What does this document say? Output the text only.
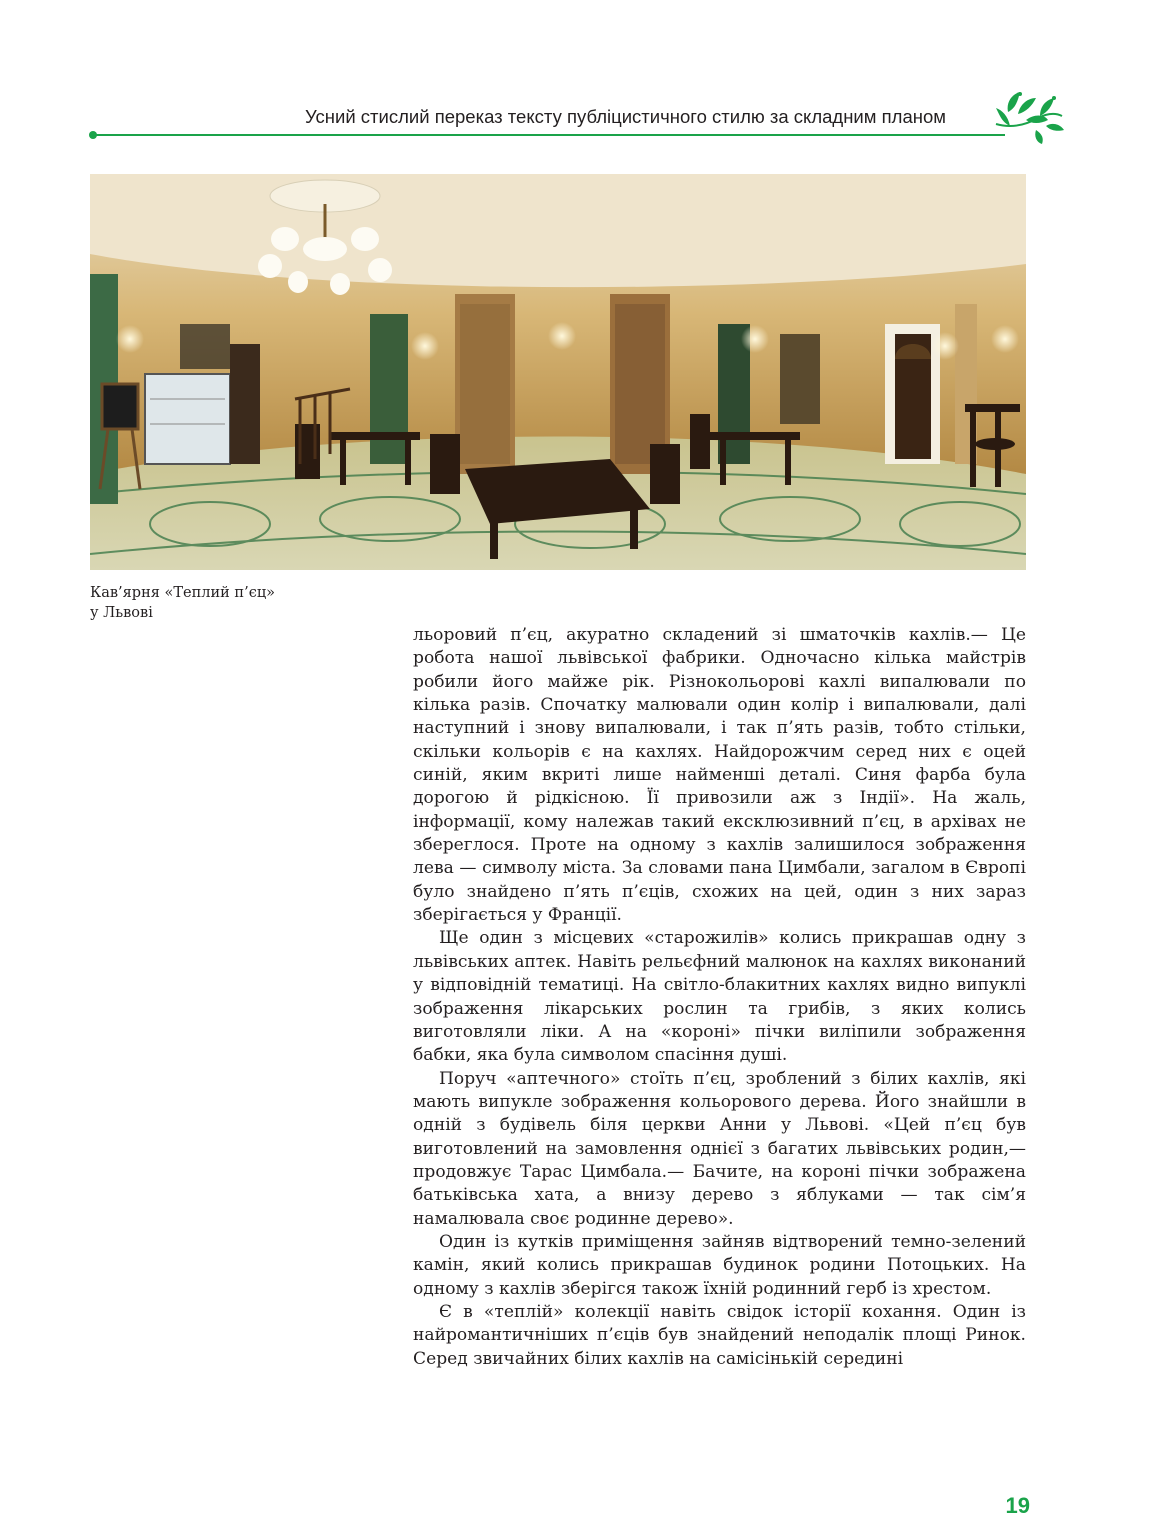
Усний стислий переказ тексту публіцистичного стилю за складним планом
Кав’ярня «Теплий п’єц»
у Львові

льоровий п’єц, акуратно складений зі шматочків кахлів.— Це робота нашої львівської фабрики. Одночасно кілька майстрів робили його майже рік. Різнокольорові кахлі випалювали по кілька разів. Спочатку малювали один колір і випалювали, далі наступний і знову випалювали, і так п’ять разів, тобто стільки, скільки кольорів є на кахлях. Найдорожчим серед них є оцей синій, яким вкриті лише найменші деталі. Синя фарба була дорогою й рідкісною. Її привозили аж з Індії». На жаль, інформації, кому належав такий ексклюзивний п’єц, в архівах не збереглося. Проте на одному з кахлів залишилося зображення лева — символу міста. За словами пана Цимбали, загалом в Європі було знайдено п’ять п’єців, схожих на цей, один з них зараз зберігається у Франції.

Ще один з місцевих «старожилів» колись прикрашав одну з львівських аптек. Навіть рельєфний малюнок на кахлях виконаний у відповідній тематиці. На світло-блакитних кахлях видно випуклі зображення лікарських рослин та грибів, з яких колись виготовляли ліки. А на «короні» пічки виліпили зображення бабки, яка була символом спасіння душі.

Поруч «аптечного» стоїть п’єц, зроблений з білих кахлів, які мають випукле зображення кольорового дерева. Його знайшли в одній з будівель біля церкви Анни у Львові. «Цей п’єц був виготовлений на замовлення однієї з багатих львівських родин,— продовжує Тарас Цимбала.— Бачите, на короні пічки зображена батьківська хата, а внизу дерево з яблуками — так сім’я намалювала своє родинне дерево».

Один із кутків приміщення зайняв відтворений темно-зелений камін, який колись прикрашав будинок родини Потоцьких. На одному з кахлів зберігся також їхній родинний герб із хрестом.

Є в «теплій» колекції навіть свідок історії кохання. Один із найромантичніших п’єців був знайдений неподалік площі Ринок. Серед звичайних білих кахлів на самісінькій середині

19
